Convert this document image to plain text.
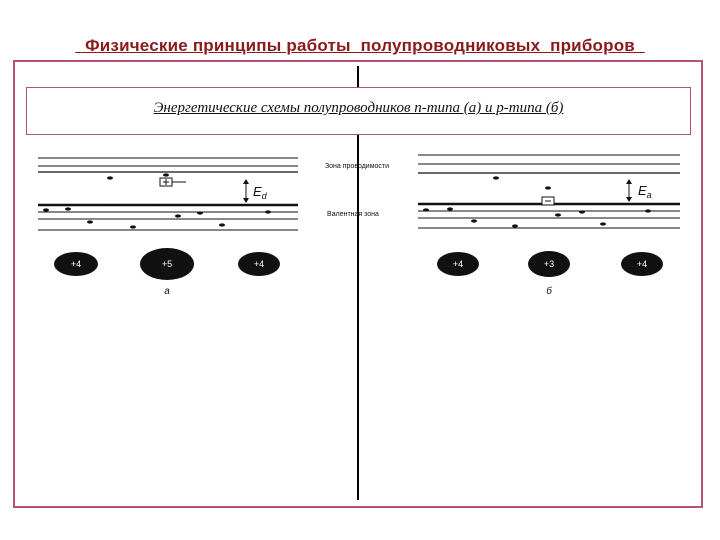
Физические принципы работы  полупроводниковых  приборов
Энергетические схемы полупроводников n-типа (а) и p-типа (б)
$E_d$
+4	+5	+4
а
Зона проводимости
Валентная зона
$E_a$
+4	+3	+4
б
